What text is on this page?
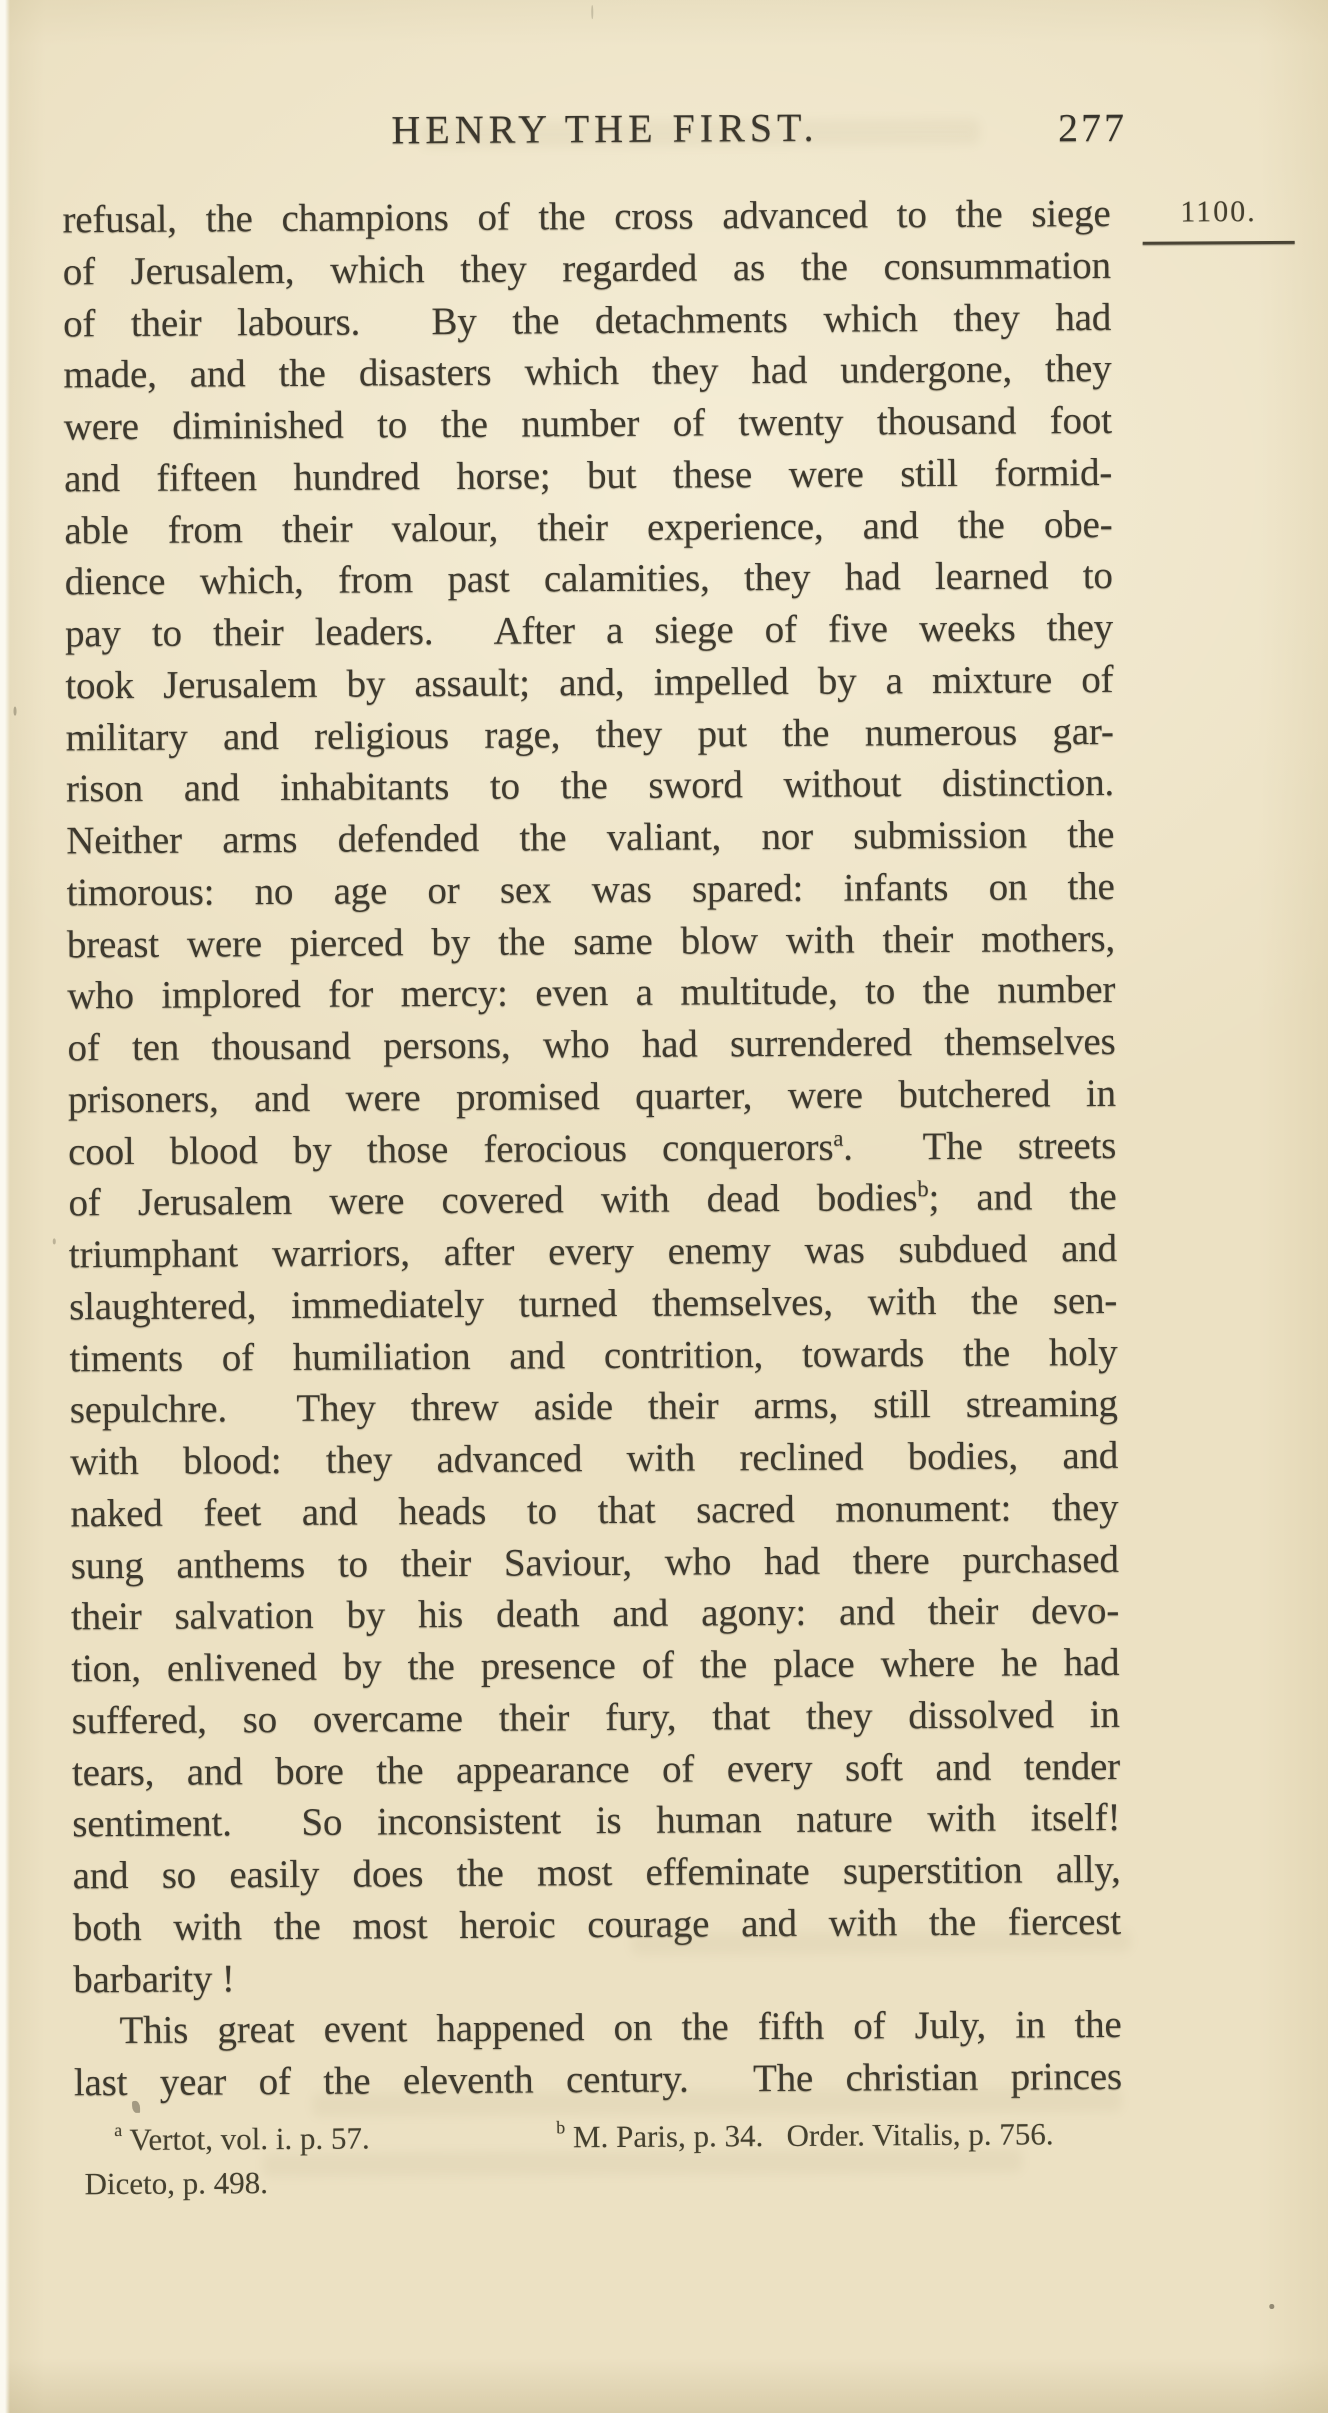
HENRY THE FIRST.	277
1100.
refusal, the champions of the cross advanced to the siege
of Jerusalem, which they regarded as the consummation
of their labours.  By the detachments which they had
made, and the disasters which they had undergone, they
were diminished to the number of twenty thousand foot
and fifteen hundred horse; but these were still formid-
able from their valour, their experience, and the obe-
dience which, from past calamities, they had learned to
pay to their leaders.  After a siege of five weeks they
took Jerusalem by assault; and, impelled by a mixture of
military and religious rage, they put the numerous gar-
rison and inhabitants to the sword without distinction.
Neither arms defended the valiant, nor submission the
timorous: no age or sex was spared: infants on the
breast were pierced by the same blow with their mothers,
who implored for mercy: even a multitude, to the number
of ten thousand persons, who had surrendered themselves
prisoners, and were promised quarter, were butchered in
cool blood by those ferocious conquerors$^a$.  The streets
of Jerusalem were covered with dead bodies$^b$; and the
triumphant warriors, after every enemy was subdued and
slaughtered, immediately turned themselves, with the sen-
timents of humiliation and contrition, towards the holy
sepulchre.  They threw aside their arms, still streaming
with blood: they advanced with reclined bodies, and
naked feet and heads to that sacred monument: they
sung anthems to their Saviour, who had there purchased
their salvation by his death and agony: and their devo-
tion, enlivened by the presence of the place where he had
suffered, so overcame their fury, that they dissolved in
tears, and bore the appearance of every soft and tender
sentiment.  So inconsistent is human nature with itself!
and so easily does the most effeminate superstition ally,
both with the most heroic courage and with the fiercest
barbarity !
This great event happened on the fifth of July, in the
last year of the eleventh century.  The christian princes
$^a$ Vertot, vol. i. p. 57.	$^b$ M. Paris, p. 34.   Order. Vitalis, p. 756.
Diceto, p. 498.
